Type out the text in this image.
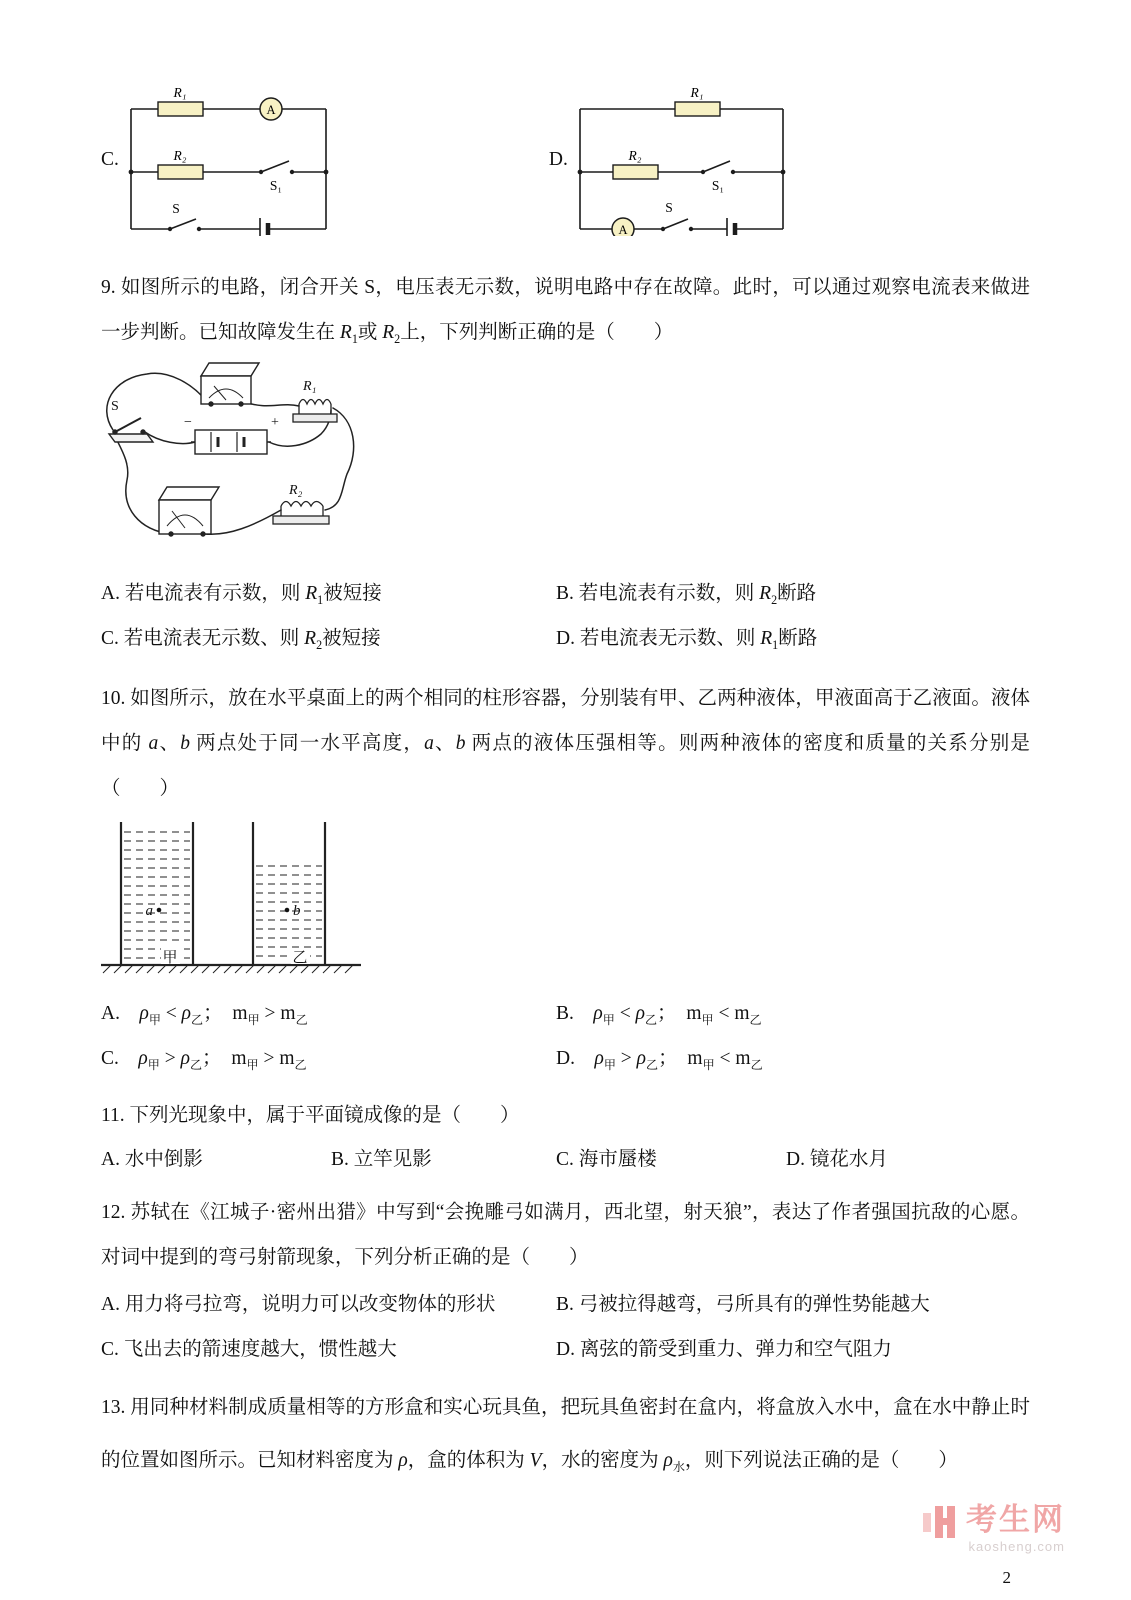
C.
R₁
R₂
A
S₁
S
D.
R₁
R₂
A
S₁
S

9. 如图所示的电路，闭合开关 S，电压表无示数，说明电路中存在故障。此时，可以通过观察电流表来做进一步判断。已知故障发生在 $R_1$或 $R_2$上，下列判断正确的是（　　）

S
R₁
R₂
−	+
A. 若电流表有示数，则 $R_1$被短接	B. 若电流表有示数，则 $R_2$断路
C. 若电流表无示数、则 $R_2$被短接	D. 若电流表无示数、则 $R_1$断路

10. 如图所示，放在水平桌面上的两个相同的柱形容器，分别装有甲、乙两种液体，甲液面高于乙液面。液体中的 a、b 两点处于同一水平高度，a、b 两点的液体压强相等。则两种液体的密度和质量的关系分别是（　　）

a	b
甲	乙
A.　$\rho_甲 < \rho_乙$；　$m_甲 > m_乙$	B.　$\rho_甲 < \rho_乙$；　$m_甲 < m_乙$
C.　$\rho_甲 > \rho_乙$；　$m_甲 > m_乙$	D.　$\rho_甲 > \rho_乙$；　$m_甲 < m_乙$

11. 下列光现象中，属于平面镜成像的是（　　）

A. 水中倒影	B. 立竿见影	C. 海市蜃楼	D. 镜花水月

12. 苏轼在《江城子·密州出猎》中写到“会挽雕弓如满月，西北望，射天狼”，表达了作者强国抗敌的心愿。对词中提到的弯弓射箭现象，下列分析正确的是（　　）

A. 用力将弓拉弯，说明力可以改变物体的形状	B. 弓被拉得越弯，弓所具有的弹性势能越大
C. 飞出去的箭速度越大，惯性越大	D. 离弦的箭受到重力、弹力和空气阻力

13. 用同种材料制成质量相等的方形盒和实心玩具鱼，把玩具鱼密封在盒内，将盒放入水中，盒在水中静止时的位置如图所示。已知材料密度为 ρ，盒的体积为 V，水的密度为 $\rho_水$，则下列说法正确的是（　　）

考生网
kaosheng.com
2
